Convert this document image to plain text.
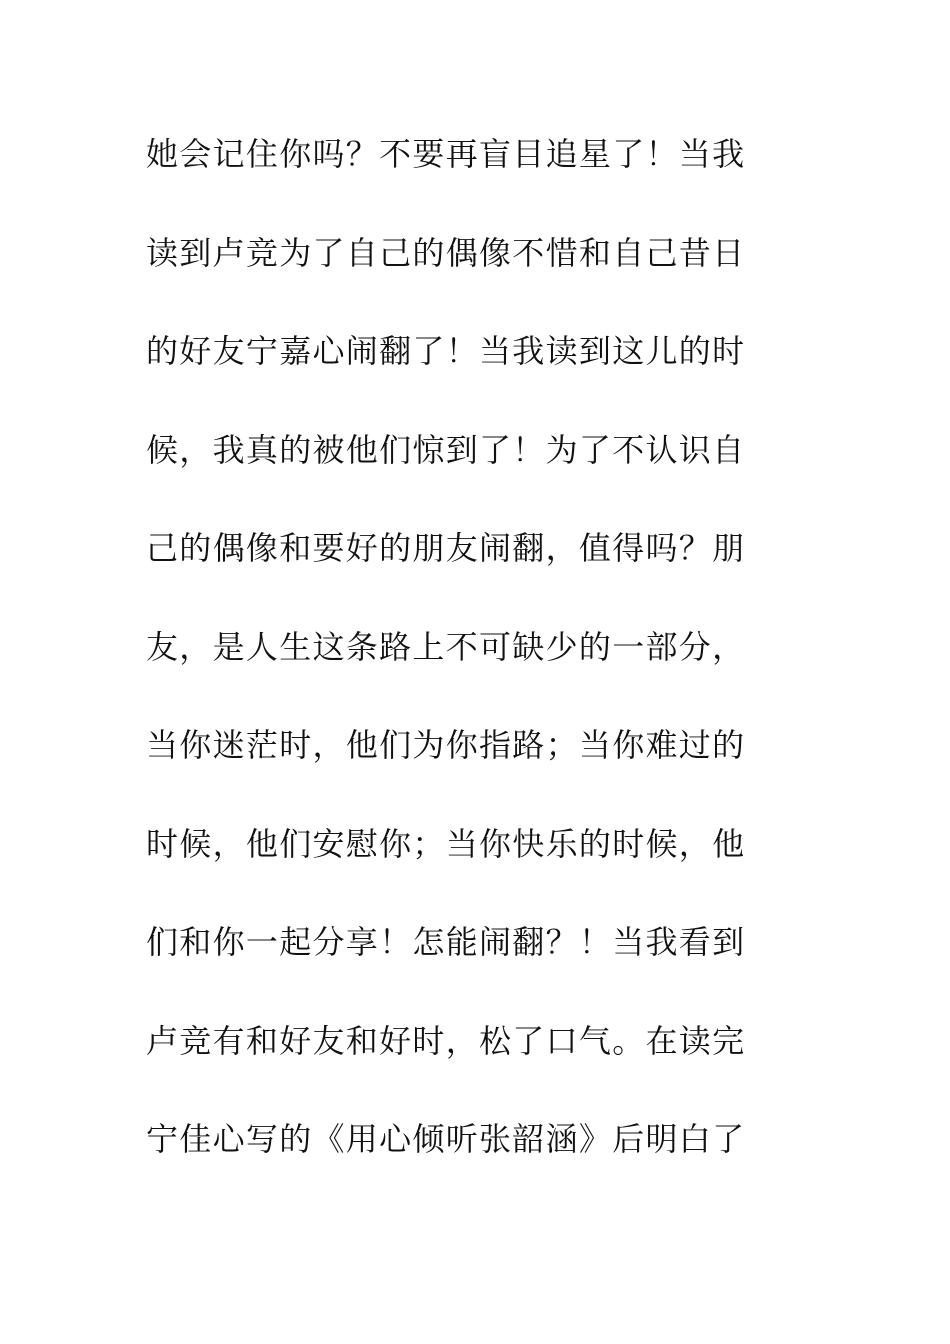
她会记住你吗？不要再盲目追星了！当我
读到卢竞为了自己的偶像不惜和自己昔日
的好友宁嘉心闹翻了！当我读到这儿的时
候，我真的被他们惊到了！为了不认识自
己的偶像和要好的朋友闹翻，值得吗？朋
友，是人生这条路上不可缺少的一部分，
当你迷茫时，他们为你指路；当你难过的
时候，他们安慰你；当你快乐的时候，他
们和你一起分享！怎能闹翻？！当我看到
卢竞有和好友和好时，松了口气。在读完
宁佳心写的《用心倾听张韶涵》后明白了
